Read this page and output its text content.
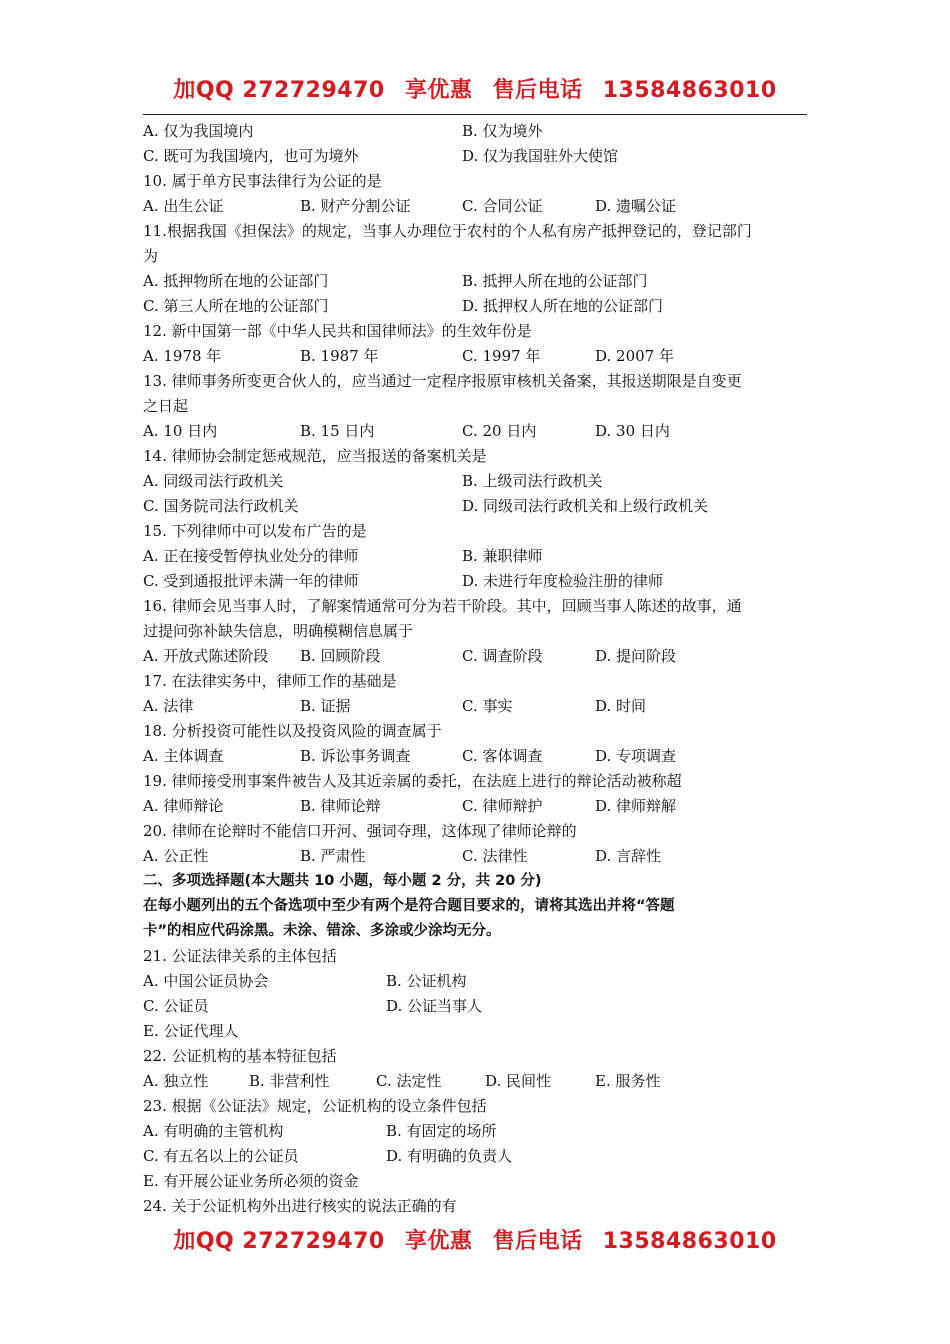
加QQ 272729470 享优惠 售后电话 13584863010
A. 仅为我国境内	B. 仅为境外
C. 既可为我国境内，也可为境外	D. 仅为我国驻外大使馆
10. 属于单方民事法律行为公证的是
A. 出生公证	B. 财产分割公证	C. 合同公证	D. 遗嘱公证
11.根据我国《担保法》的规定，当事人办理位于农村的个人私有房产抵押登记的，登记部门
为
A. 抵押物所在地的公证部门	B. 抵押人所在地的公证部门
C. 第三人所在地的公证部门	D. 抵押权人所在地的公证部门
12. 新中国第一部《中华人民共和国律师法》的生效年份是
A. 1978 年	B. 1987 年	C. 1997 年	D. 2007 年
13. 律师事务所变更合伙人的，应当通过一定程序报原审核机关备案，其报送期限是自变更
之日起
A. 10 日内	B. 15 日内	C. 20 日内	D. 30 日内
14. 律师协会制定惩戒规范，应当报送的备案机关是
A. 同级司法行政机关	B. 上级司法行政机关
C. 国务院司法行政机关	D. 同级司法行政机关和上级行政机关
15. 下列律师中可以发布广告的是
A. 正在接受暂停执业处分的律师	B. 兼职律师
C. 受到通报批评未满一年的律师	D. 未进行年度检验注册的律师
16. 律师会见当事人时，了解案情通常可分为若干阶段。其中，回顾当事人陈述的故事，通
过提问弥补缺失信息，明确模糊信息属于
A. 开放式陈述阶段 B. 回顾阶段	C. 调查阶段	D. 提问阶段
17. 在法律实务中，律师工作的基础是
A. 法律	B. 证据	C. 事实	D. 时间
18. 分析投资可能性以及投资风险的调查属于
A. 主体调查	B. 诉讼事务调查	C. 客体调查	D. 专项调查
19. 律师接受刑事案件被告人及其近亲属的委托，在法庭上进行的辩论活动被称超
A. 律师辩论	B. 律师论辩	C. 律师辩护	D. 律师辩解
20. 律师在论辩时不能信口开河、强词夺理，这体现了律师论辩的
A. 公正性	B. 严肃性	C. 法律性	D. 言辞性
二、多项选择题(本大题共 10 小题，每小题 2 分，共 20 分)
在每小题列出的五个备选项中至少有两个是符合题目要求的，请将其选出并将“答题
卡”的相应代码涂黑。未涂、错涂、多涂或少涂均无分。
21. 公证法律关系的主体包括
A. 中国公证员协会	B. 公证机构
C. 公证员	D. 公证当事人
E. 公证代理人
22. 公证机构的基本特征包括
A. 独立性	B. 非营利性	C. 法定性	D. 民间性	E. 服务性
23. 根据《公证法》规定，公证机构的设立条件包括
A. 有明确的主管机构	B. 有固定的场所
C. 有五名以上的公证员	D. 有明确的负责人
E. 有开展公证业务所必须的资金
24. 关于公证机构外出进行核实的说法正确的有
加QQ 272729470 享优惠 售后电话 13584863010
